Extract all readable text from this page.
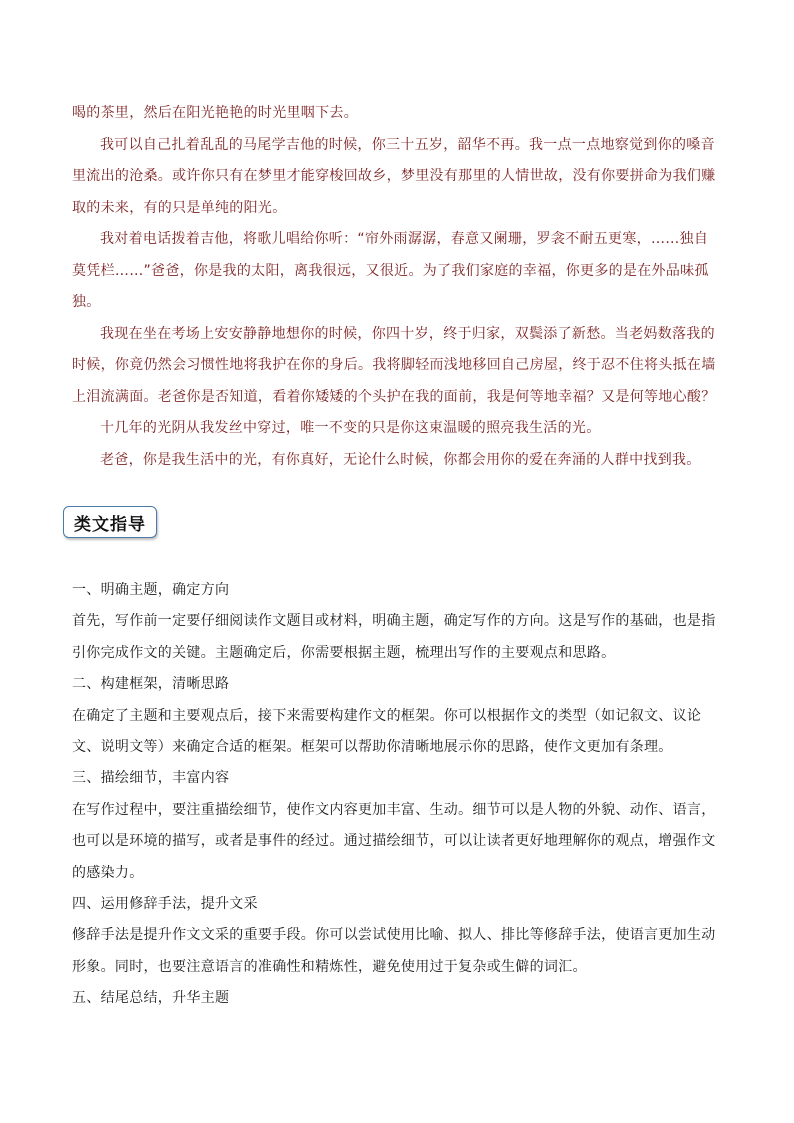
喝的茶里，然后在阳光艳艳的时光里咽下去。

我可以自己扎着乱乱的马尾学吉他的时候，你三十五岁，韶华不再。我一点一点地察觉到你的嗓音里流出的沧桑。或许你只有在梦里才能穿梭回故乡，梦里没有那里的人情世故，没有你要拼命为我们赚取的未来，有的只是单纯的阳光。

我对着电话拨着吉他，将歌儿唱给你听：“帘外雨潺潺，春意又阑珊，罗衾不耐五更寒，……独自莫凭栏……”爸爸，你是我的太阳，离我很远，又很近。为了我们家庭的幸福，你更多的是在外品味孤独。

我现在坐在考场上安安静静地想你的时候，你四十岁，终于归家，双鬓添了新愁。当老妈数落我的时候，你竟仍然会习惯性地将我护在你的身后。我将脚轻而浅地移回自己房屋，终于忍不住将头抵在墙上泪流满面。老爸你是否知道，看着你矮矮的个头护在我的面前，我是何等地幸福？又是何等地心酸？

十几年的光阴从我发丝中穿过，唯一不变的只是你这束温暖的照亮我生活的光。

老爸，你是我生活中的光，有你真好，无论什么时候，你都会用你的爱在奔涌的人群中找到我。

类文指导

一、明确主题，确定方向

首先，写作前一定要仔细阅读作文题目或材料，明确主题，确定写作的方向。这是写作的基础，也是指引你完成作文的关键。主题确定后，你需要根据主题，梳理出写作的主要观点和思路。

二、构建框架，清晰思路

在确定了主题和主要观点后，接下来需要构建作文的框架。你可以根据作文的类型（如记叙文、议论文、说明文等）来确定合适的框架。框架可以帮助你清晰地展示你的思路，使作文更加有条理。

三、描绘细节，丰富内容

在写作过程中，要注重描绘细节，使作文内容更加丰富、生动。细节可以是人物的外貌、动作、语言，也可以是环境的描写，或者是事件的经过。通过描绘细节，可以让读者更好地理解你的观点，增强作文的感染力。

四、运用修辞手法，提升文采

修辞手法是提升作文文采的重要手段。你可以尝试使用比喻、拟人、排比等修辞手法，使语言更加生动形象。同时，也要注意语言的准确性和精炼性，避免使用过于复杂或生僻的词汇。

五、结尾总结，升华主题
